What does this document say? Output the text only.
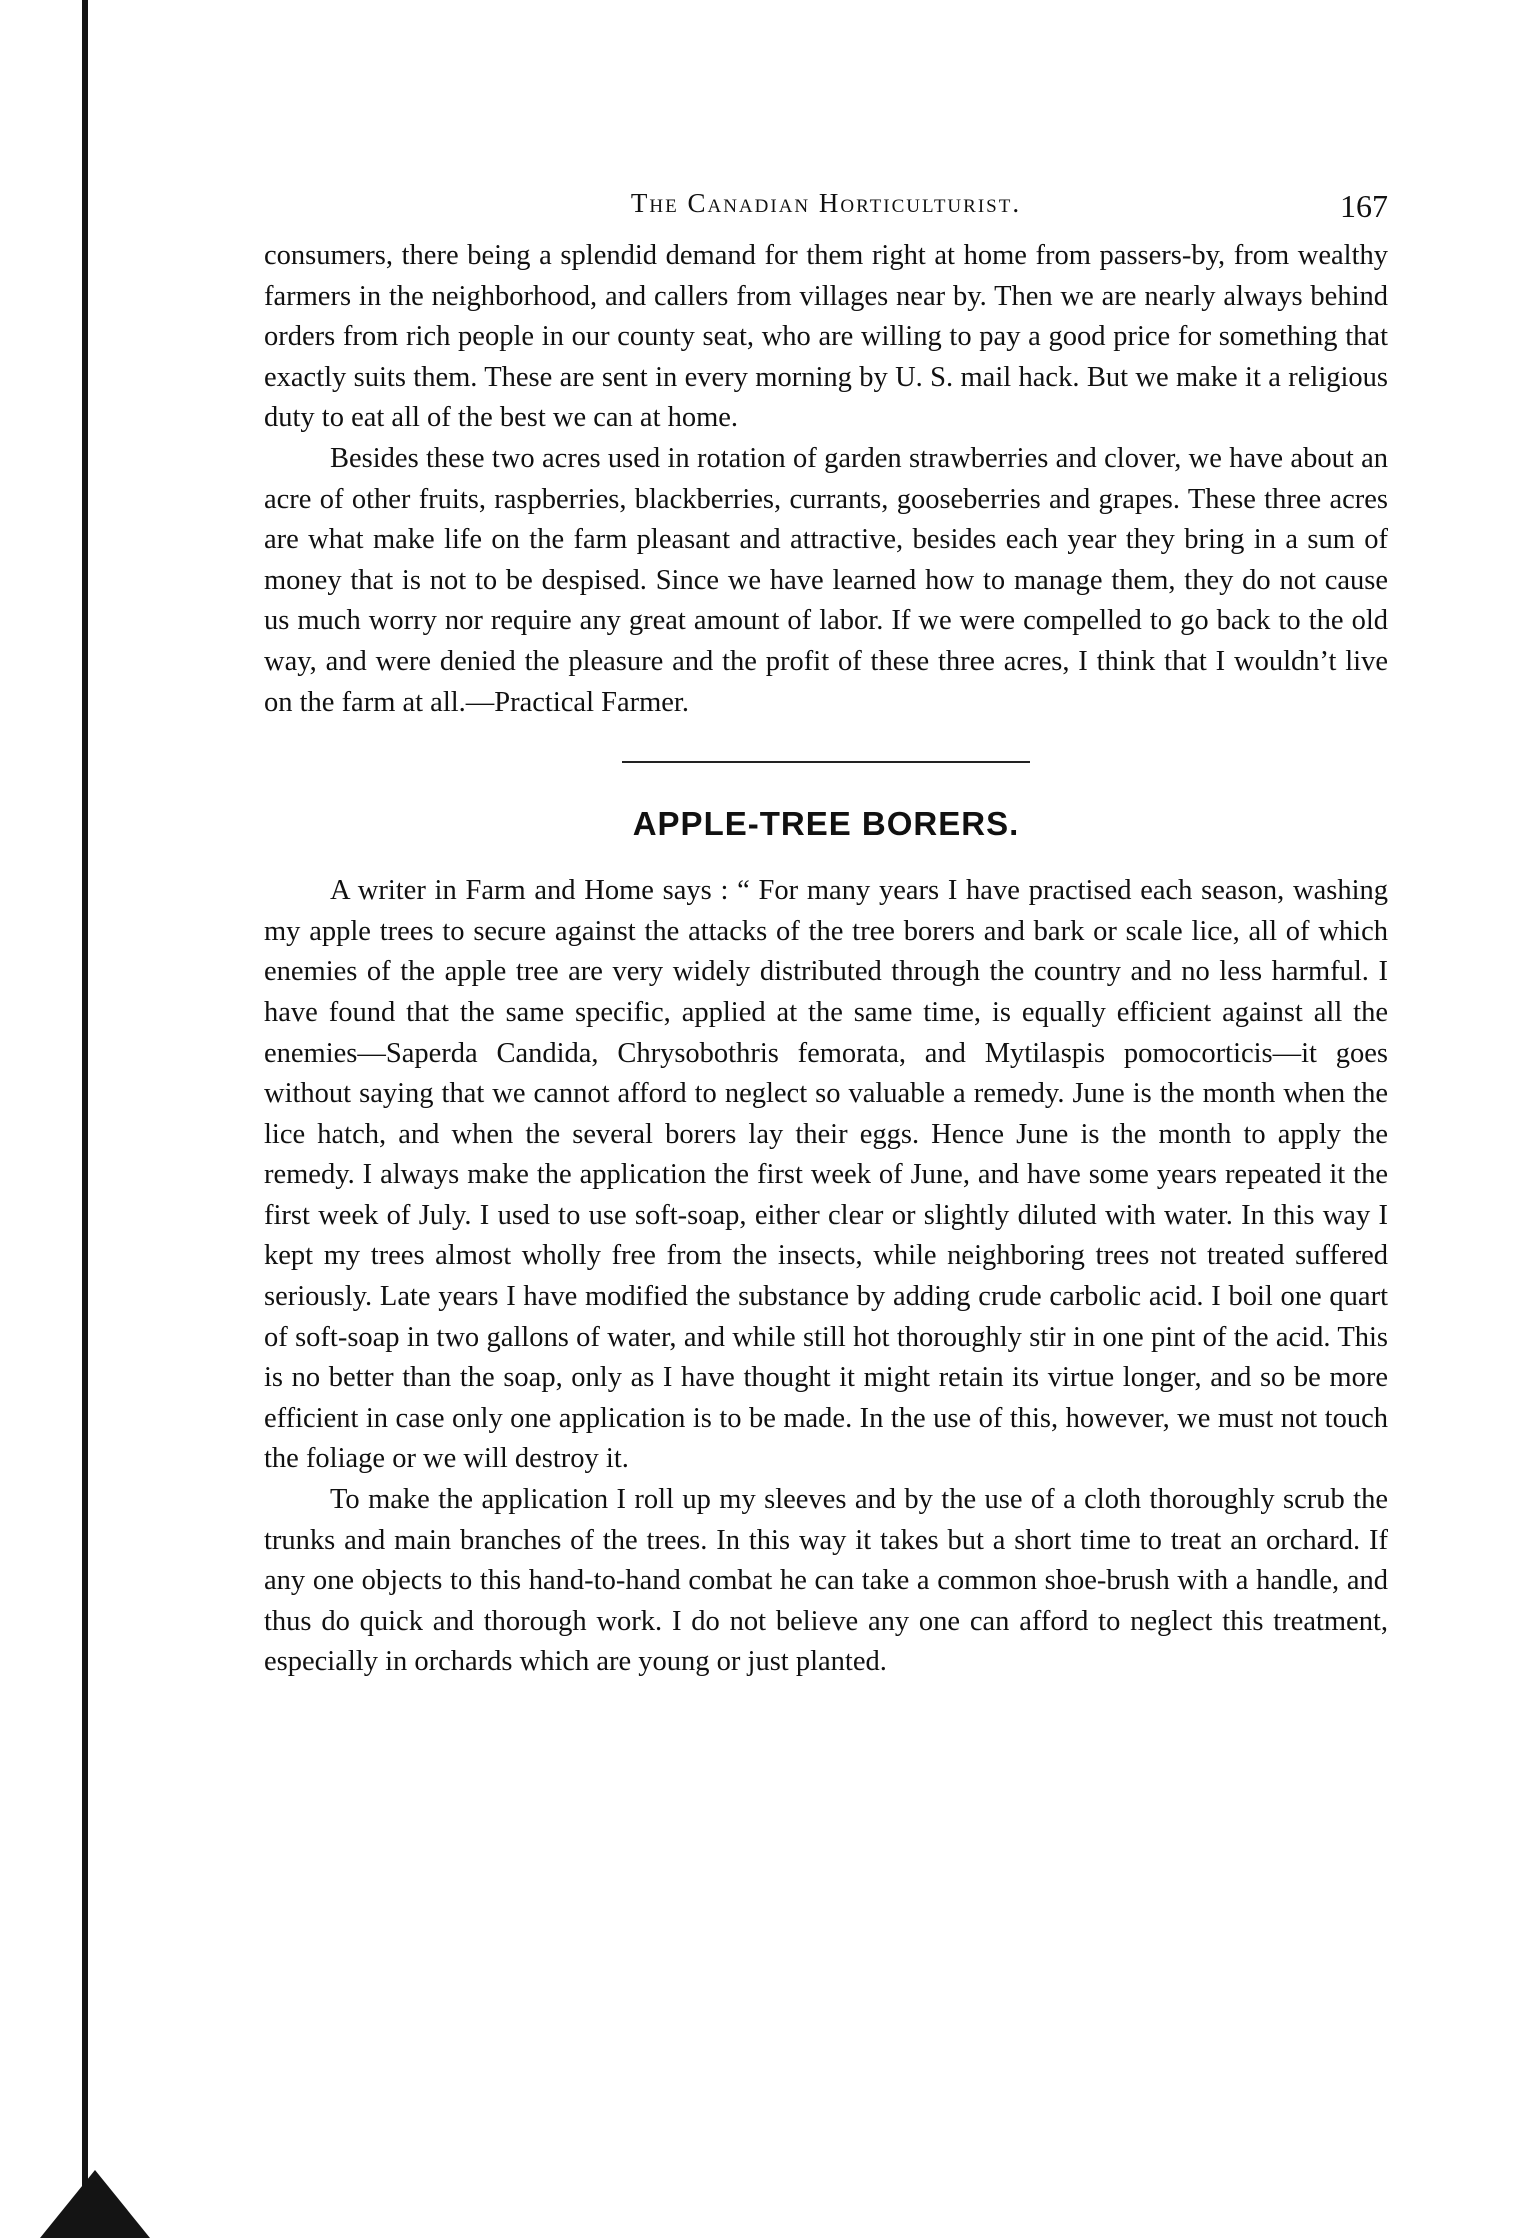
The Canadian Horticulturist.	167

consumers, there being a splendid demand for them right at home from passers-by, from wealthy farmers in the neighborhood, and callers from villages near by. Then we are nearly always behind orders from rich people in our county seat, who are willing to pay a good price for something that exactly suits them. These are sent in every morning by U. S. mail hack. But we make it a religious duty to eat all of the best we can at home.

Besides these two acres used in rotation of garden strawberries and clover, we have about an acre of other fruits, raspberries, blackberries, currants, gooseberries and grapes. These three acres are what make life on the farm pleasant and attractive, besides each year they bring in a sum of money that is not to be despised. Since we have learned how to manage them, they do not cause us much worry nor require any great amount of labor. If we were compelled to go back to the old way, and were denied the pleasure and the profit of these three acres, I think that I wouldn’t live on the farm at all.—Practical Farmer.

APPLE-TREE BORERS.

A writer in Farm and Home says : “ For many years I have practised each season, washing my apple trees to secure against the attacks of the tree borers and bark or scale lice, all of which enemies of the apple tree are very widely distributed through the country and no less harmful. I have found that the same specific, applied at the same time, is equally efficient against all the enemies—Saperda Candida, Chrysobothris femorata, and Mytilaspis pomocorticis—it goes without saying that we cannot afford to neglect so valuable a remedy. June is the month when the lice hatch, and when the several borers lay their eggs. Hence June is the month to apply the remedy. I always make the application the first week of June, and have some years repeated it the first week of July. I used to use soft-soap, either clear or slightly diluted with water. In this way I kept my trees almost wholly free from the insects, while neighboring trees not treated suffered seriously. Late years I have modified the substance by adding crude carbolic acid. I boil one quart of soft-soap in two gallons of water, and while still hot thoroughly stir in one pint of the acid. This is no better than the soap, only as I have thought it might retain its virtue longer, and so be more efficient in case only one application is to be made. In the use of this, however, we must not touch the foliage or we will destroy it.

To make the application I roll up my sleeves and by the use of a cloth thoroughly scrub the trunks and main branches of the trees. In this way it takes but a short time to treat an orchard. If any one objects to this hand-to-hand combat he can take a common shoe-brush with a handle, and thus do quick and thorough work. I do not believe any one can afford to neglect this treatment, especially in orchards which are young or just planted.
